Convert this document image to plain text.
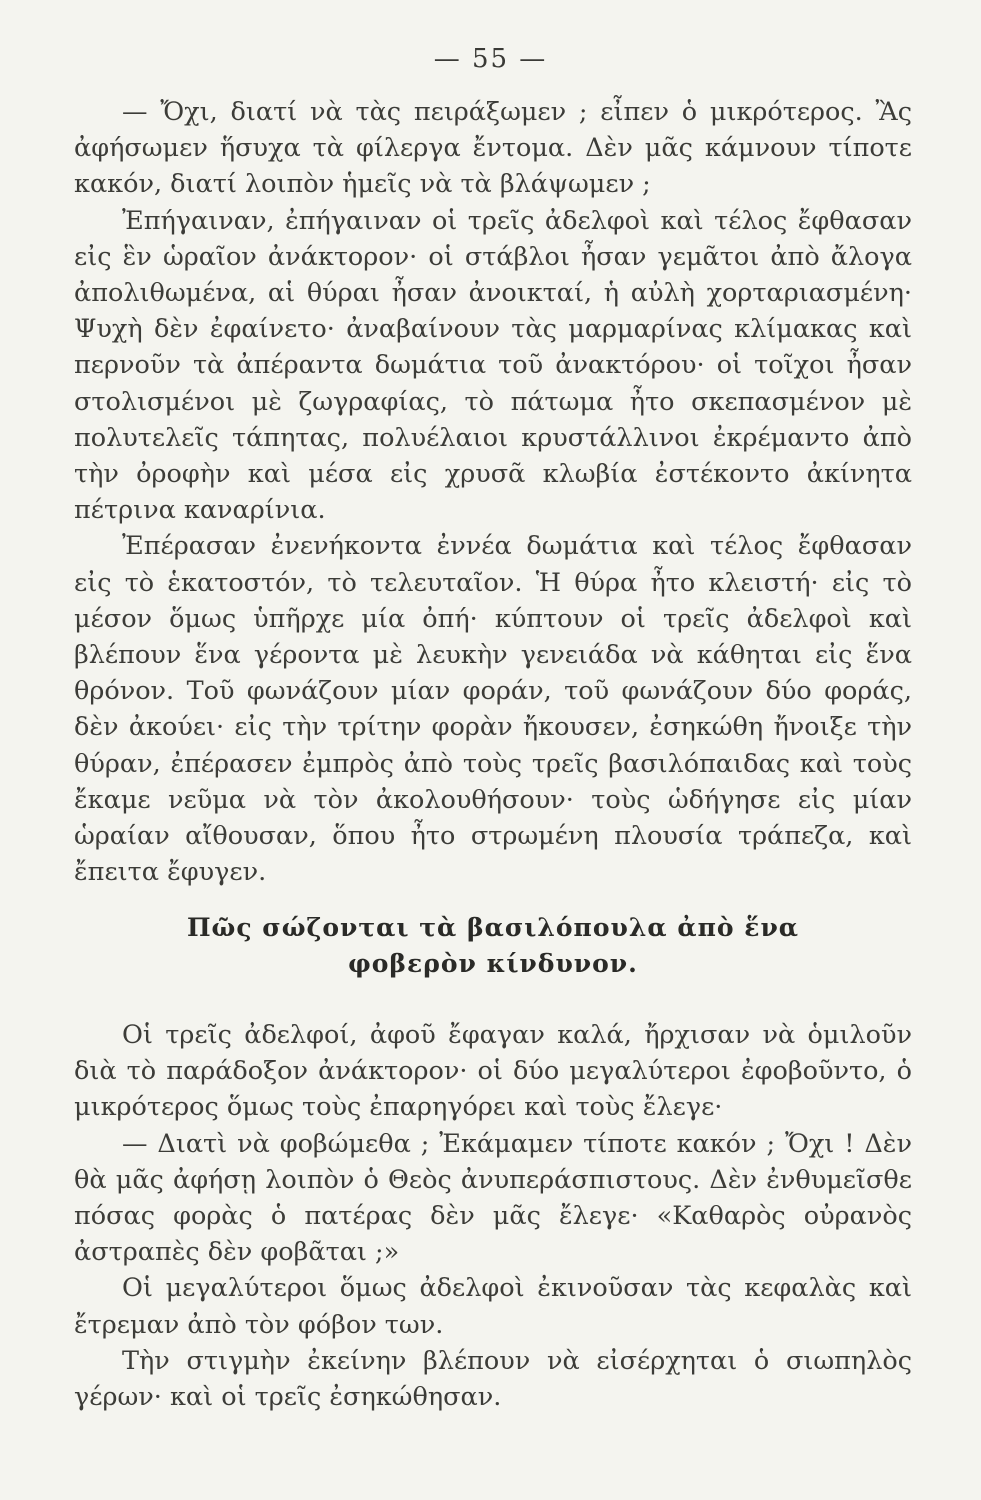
— 55 —

— Ὄχι, διατί νὰ τὰς πειράξωμεν ; εἶπεν ὁ μικρότερος. Ἂς ἀφήσωμεν ἥσυχα τὰ φίλεργα ἔντομα. Δὲν μᾶς κάμνουν τίποτε κακόν, διατί λοιπὸν ἡμεῖς νὰ τὰ βλάψωμεν ;

Ἐπήγαιναν, ἐπήγαιναν οἱ τρεῖς ἀδελφοὶ καὶ τέλος ἔφθασαν εἰς ἓν ὡραῖον ἀνάκτορον· οἱ στάβλοι ἦσαν γεμᾶτοι ἀπὸ ἄλογα ἀπολιθωμένα, αἱ θύραι ἦσαν ἀνοικταί, ἡ αὐλὴ χορταριασμένη· Ψυχὴ δὲν ἐφαίνετο· ἀναβαίνουν τὰς μαρμαρίνας κλίμακας καὶ περνοῦν τὰ ἀπέραντα δωμάτια τοῦ ἀνακτόρου· οἱ τοῖχοι ἦσαν στολισμένοι μὲ ζωγραφίας, τὸ πάτωμα ἦτο σκεπασμένον μὲ πολυτελεῖς τάπητας, πολυέλαιοι κρυστάλλινοι ἐκρέμαντο ἀπὸ τὴν ὀροφὴν καὶ μέσα εἰς χρυσᾶ κλωβία ἐστέκοντο ἀκίνητα πέτρινα καναρίνια.

Ἐπέρασαν ἐνενήκοντα ἐννέα δωμάτια καὶ τέλος ἔφθασαν εἰς τὸ ἑκατοστόν, τὸ τελευταῖον. Ἡ θύρα ἦτο κλειστή· εἰς τὸ μέσον ὅμως ὑπῆρχε μία ὀπή· κύπτουν οἱ τρεῖς ἀδελφοὶ καὶ βλέπουν ἕνα γέροντα μὲ λευκὴν γενειάδα νὰ κάθηται εἰς ἕνα θρόνον. Τοῦ φωνάζουν μίαν φοράν, τοῦ φωνάζουν δύο φοράς, δὲν ἀκούει· εἰς τὴν τρίτην φορὰν ἤκουσεν, ἐσηκώθη ἤνοιξε τὴν θύραν, ἐπέρασεν ἐμπρὸς ἀπὸ τοὺς τρεῖς βασιλόπαιδας καὶ τοὺς ἔκαμε νεῦμα νὰ τὸν ἀκολουθήσουν· τοὺς ὡδήγησε εἰς μίαν ὡραίαν αἴθουσαν, ὅπου ἦτο στρωμένη πλουσία τράπεζα, καὶ ἔπειτα ἔφυγεν.

Πῶς σώζονται τὰ βασιλόπουλα ἀπὸ ἕνα
φοβερὸν κίνδυνον.

Οἱ τρεῖς ἀδελφοί, ἀφοῦ ἔφαγαν καλά, ἤρχισαν νὰ ὁμιλοῦν διὰ τὸ παράδοξον ἀνάκτορον· οἱ δύο μεγαλύτεροι ἐφοβοῦντο, ὁ μικρότερος ὅμως τοὺς ἐπαρηγόρει καὶ τοὺς ἔλεγε·

— Διατὶ νὰ φοβώμεθα ; Ἐκάμαμεν τίποτε κακόν ; Ὄχι ! Δὲν θὰ μᾶς ἀφήσῃ λοιπὸν ὁ Θεὸς ἀνυπεράσπιστους. Δὲν ἐνθυμεῖσθε πόσας φορὰς ὁ πατέρας δὲν μᾶς ἔλεγε· «Καθαρὸς οὐρανὸς ἀστραπὲς δὲν φοβᾶται ;»

Οἱ μεγαλύτεροι ὅμως ἀδελφοὶ ἐκινοῦσαν τὰς κεφαλὰς καὶ ἔτρεμαν ἀπὸ τὸν φόβον των.

Τὴν στιγμὴν ἐκείνην βλέπουν νὰ εἰσέρχηται ὁ σιωπηλὸς γέρων· καὶ οἱ τρεῖς ἐσηκώθησαν.
